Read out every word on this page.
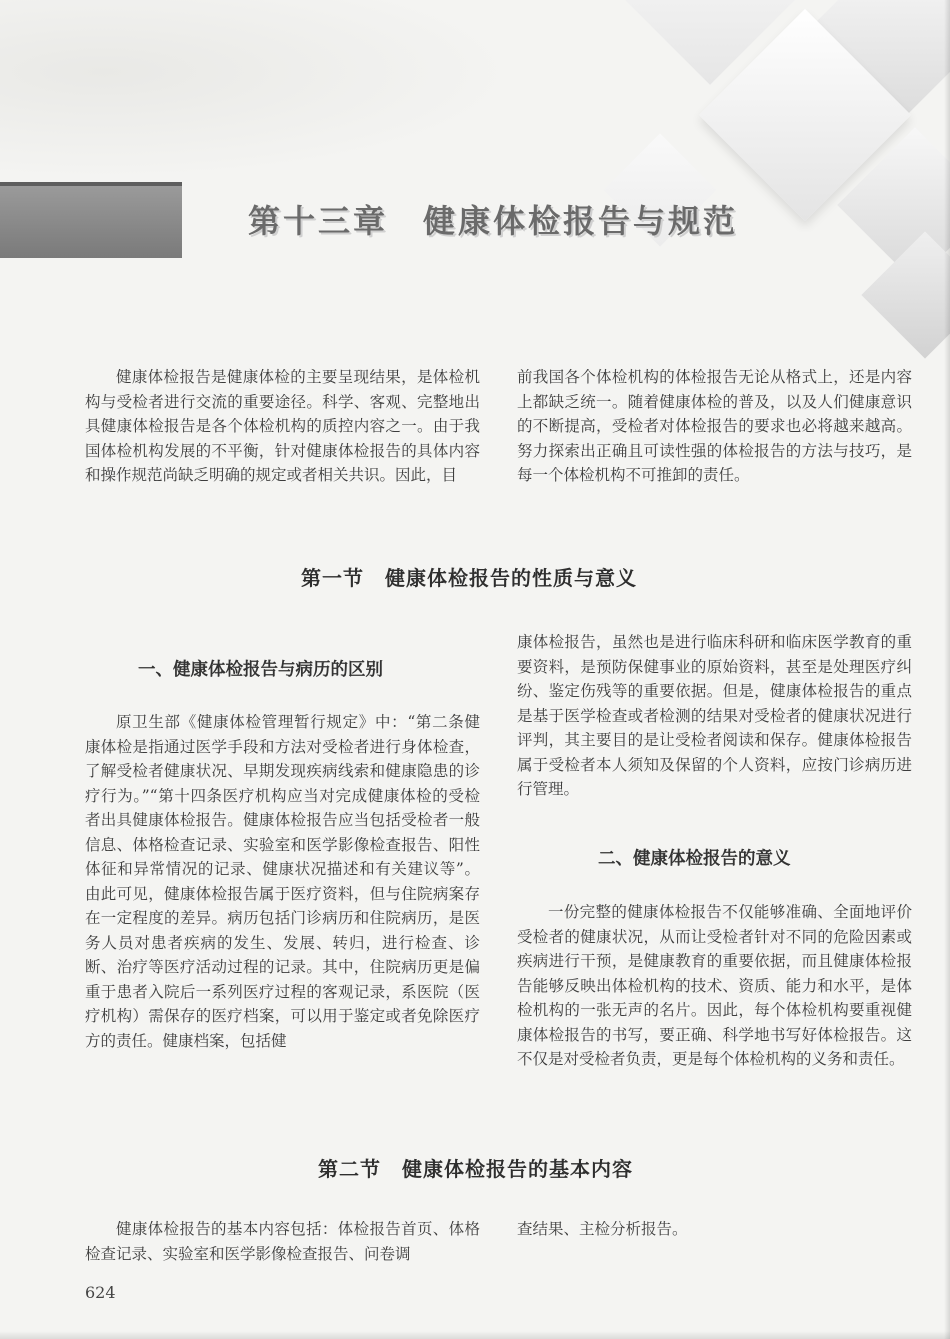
第十三章　健康体检报告与规范

健康体检报告是健康体检的主要呈现结果，是体检机构与受检者进行交流的重要途径。科学、客观、完整地出具健康体检报告是各个体检机构的质控内容之一。由于我国体检机构发展的不平衡，针对健康体检报告的具体内容和操作规范尚缺乏明确的规定或者相关共识。因此，目

前我国各个体检机构的体检报告无论从格式上，还是内容上都缺乏统一。随着健康体检的普及，以及人们健康意识的不断提高，受检者对体检报告的要求也必将越来越高。努力探索出正确且可读性强的体检报告的方法与技巧，是每一个体检机构不可推卸的责任。

第一节　健康体检报告的性质与意义
一、健康体检报告与病历的区别

原卫生部《健康体检管理暂行规定》中：“第二条健康体检是指通过医学手段和方法对受检者进行身体检查，了解受检者健康状况、早期发现疾病线索和健康隐患的诊疗行为。”“第十四条医疗机构应当对完成健康体检的受检者出具健康体检报告。健康体检报告应当包括受检者一般信息、体格检查记录、实验室和医学影像检查报告、阳性体征和异常情况的记录、健康状况描述和有关建议等”。由此可见，健康体检报告属于医疗资料，但与住院病案存在一定程度的差异。病历包括门诊病历和住院病历，是医务人员对患者疾病的发生、发展、转归，进行检查、诊断、治疗等医疗活动过程的记录。其中，住院病历更是偏重于患者入院后一系列医疗过程的客观记录，系医院（医疗机构）需保存的医疗档案，可以用于鉴定或者免除医疗方的责任。健康档案，包括健

康体检报告，虽然也是进行临床科研和临床医学教育的重要资料，是预防保健事业的原始资料，甚至是处理医疗纠纷、鉴定伤残等的重要依据。但是，健康体检报告的重点是基于医学检查或者检测的结果对受检者的健康状况进行评判，其主要目的是让受检者阅读和保存。健康体检报告属于受检者本人须知及保留的个人资料，应按门诊病历进行管理。

二、健康体检报告的意义

一份完整的健康体检报告不仅能够准确、全面地评价受检者的健康状况，从而让受检者针对不同的危险因素或疾病进行干预，是健康教育的重要依据，而且健康体检报告能够反映出体检机构的技术、资质、能力和水平，是体检机构的一张无声的名片。因此，每个体检机构要重视健康体检报告的书写，要正确、科学地书写好体检报告。这不仅是对受检者负责，更是每个体检机构的义务和责任。

第二节　健康体检报告的基本内容

健康体检报告的基本内容包括：体检报告首页、体格检查记录、实验室和医学影像检查报告、问卷调

查结果、主检分析报告。

624
